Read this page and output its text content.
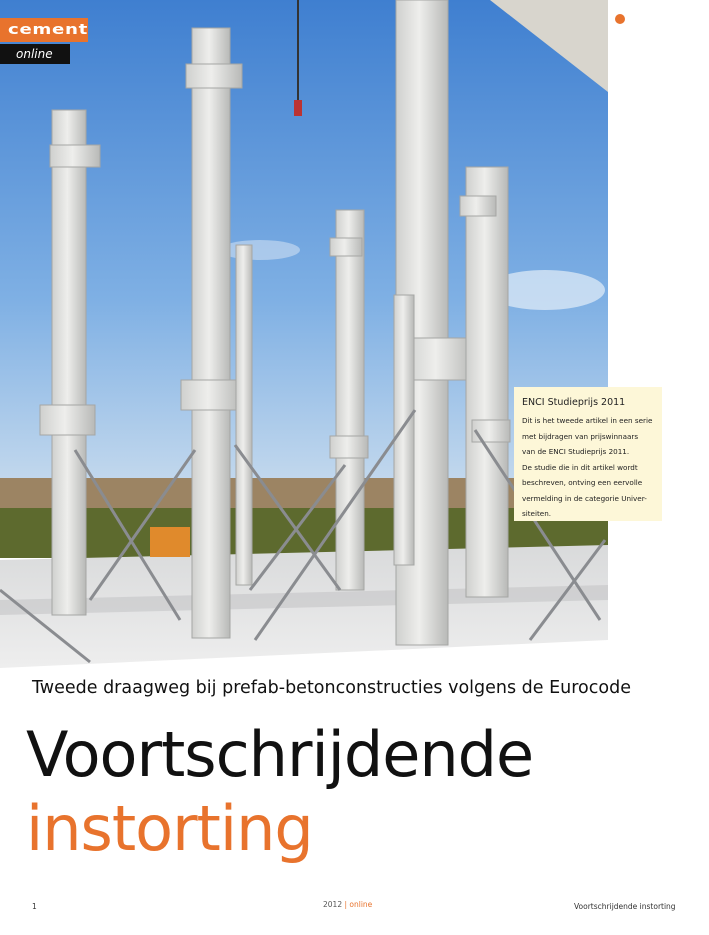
cement
online
ENCI Studieprijs 2011
Dit is het tweede artikel in een serie
met bijdragen van prijswinnaars
van de ENCI Studieprijs 2011.
De studie die in dit artikel wordt
beschreven, ontving een eervolle
vermelding in de categorie Univer-
siteiten.
Tweede draagweg bij prefab-betonconstructies volgens de Eurocode
Voortschrijdende
instorting
1	2012 | online	Voortschrijdende instorting
